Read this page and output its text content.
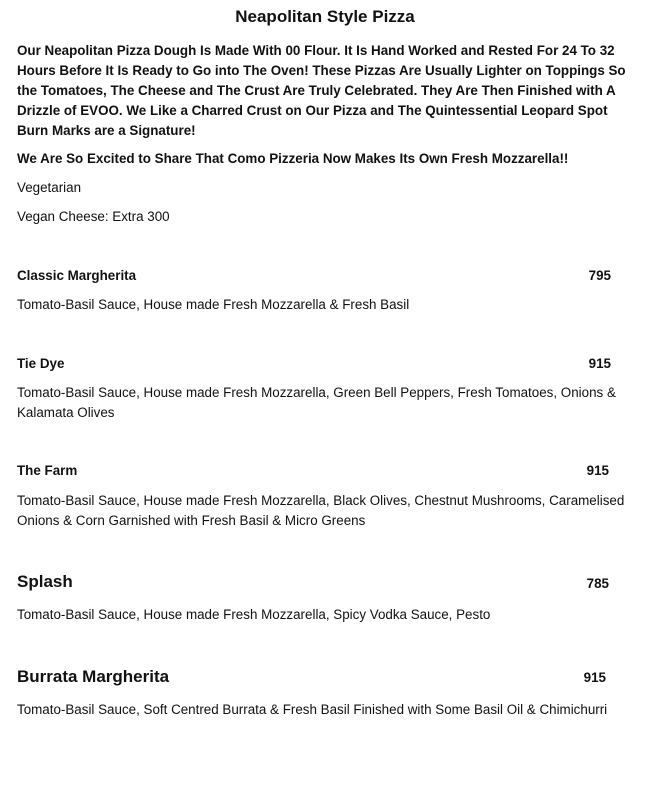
Neapolitan Style Pizza

Our Neapolitan Pizza Dough Is Made With 00 Flour. It Is Hand Worked and Rested For 24 To 32 Hours Before It Is Ready to Go into The Oven! These Pizzas Are Usually Lighter on Toppings So the Tomatoes, The Cheese and The Crust Are Truly Celebrated. They Are Then Finished with A Drizzle of EVOO. We Like a Charred Crust on Our Pizza and The Quintessential Leopard Spot Burn Marks are a Signature!

We Are So Excited to Share That Como Pizzeria Now Makes Its Own Fresh Mozzarella!!

Vegetarian

Vegan Cheese: Extra 300

Classic Margherita	795

Tomato-Basil Sauce, House made Fresh Mozzarella & Fresh Basil

Tie Dye	915

Tomato-Basil Sauce, House made Fresh Mozzarella, Green Bell Peppers, Fresh Tomatoes, Onions & Kalamata Olives

The Farm	915

Tomato-Basil Sauce, House made Fresh Mozzarella, Black Olives, Chestnut Mushrooms, Caramelised Onions & Corn Garnished with Fresh Basil & Micro Greens

Splash	785

Tomato-Basil Sauce, House made Fresh Mozzarella, Spicy Vodka Sauce, Pesto

Burrata Margherita	915

Tomato-Basil Sauce, Soft Centred Burrata & Fresh Basil Finished with Some Basil Oil & Chimichurri
